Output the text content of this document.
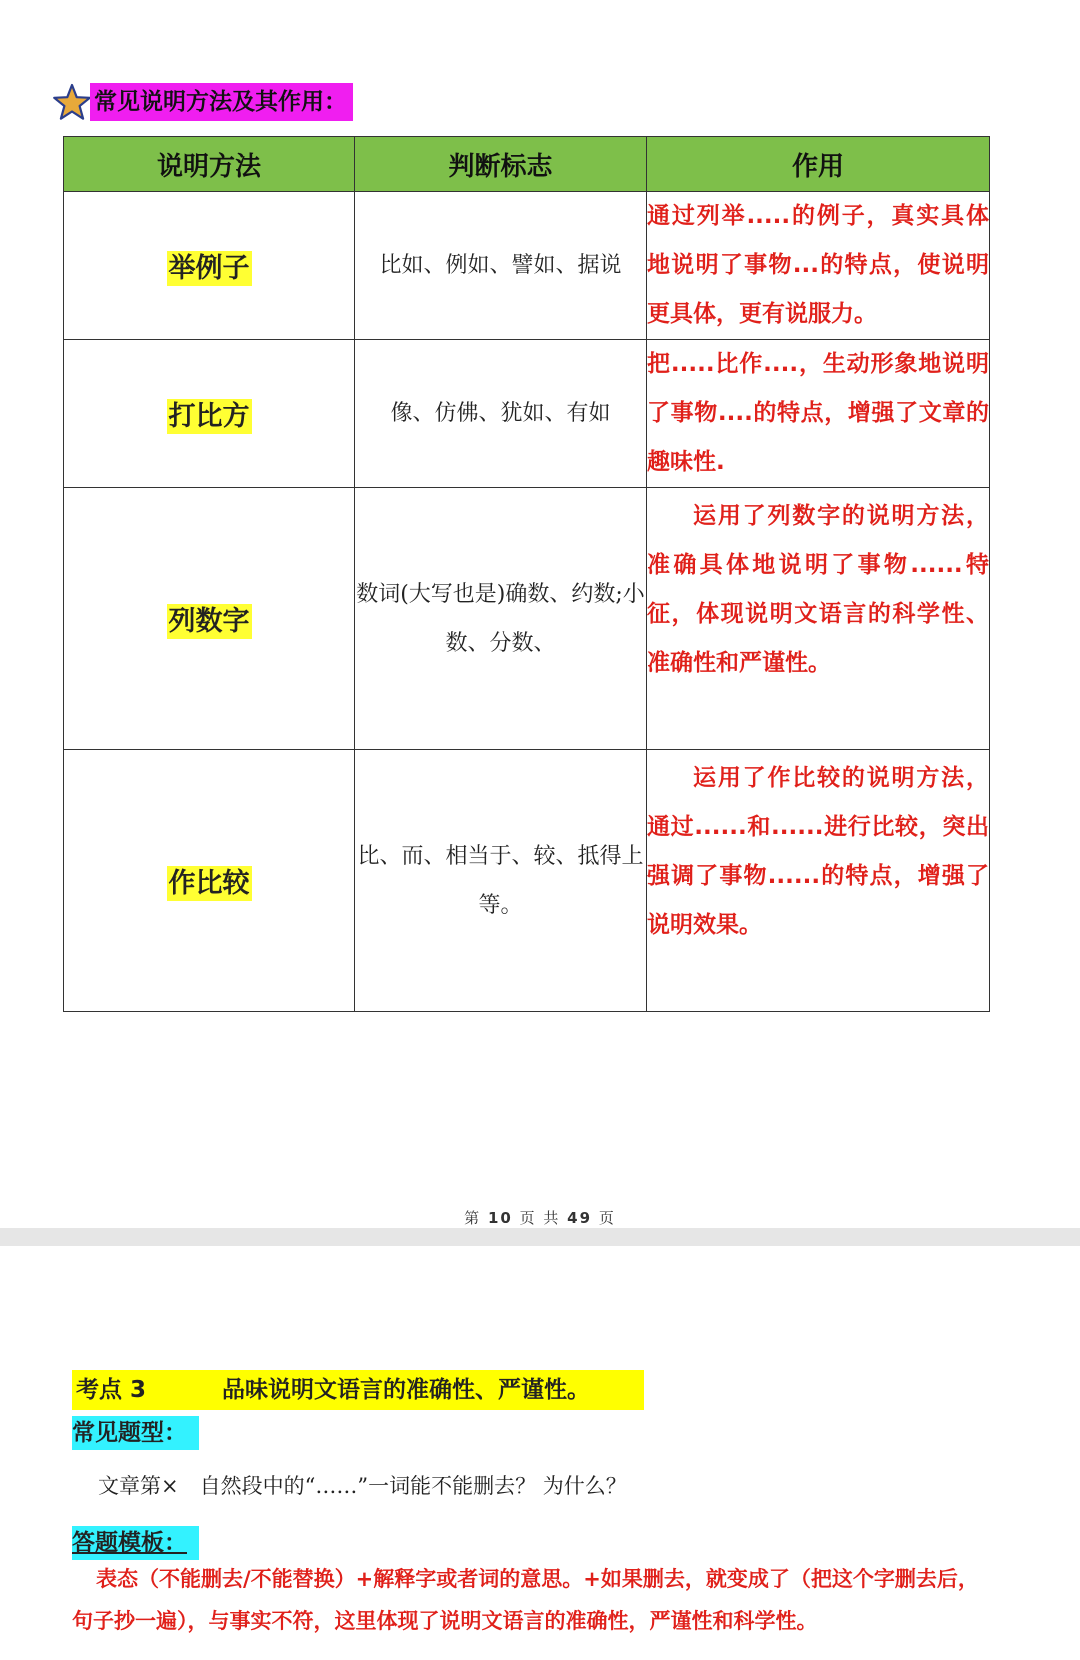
常见说明方法及其作用：
说明方法	判断标志	作用
举例子	比如、例如、譬如、据说	通过列举.....的例子，真实具体地说明了事物...的特点，使说明更具体，更有说服力。
打比方	像、仿佛、犹如、有如	把.....比作....，生动形象地说明了事物....的特点，增强了文章的趣味性.
列数字	数词(大写也是)确数、约数;小数、分数、	运用了列数字的说明方法，准确具体地说明了事物......特征，体现说明文语言的科学性、准确性和严谨性。
作比较	比、而、相当于、较、抵得上等。	运用了作比较的说明方法，通过......和......进行比较，突出强调了事物......的特点，增强了说明效果。
第 10 页 共 49 页
考点 3	品味说明文语言的准确性、严谨性。
常见题型：
文章第×　自然段中的“……”一词能不能删去？ 为什么？
答题模板：
表态（不能删去/不能替换）+解释字或者词的意思。+如果删去，就变成了（把这个字删去后，
句子抄一遍），与事实不符，这里体现了说明文语言的准确性，严谨性和科学性。
